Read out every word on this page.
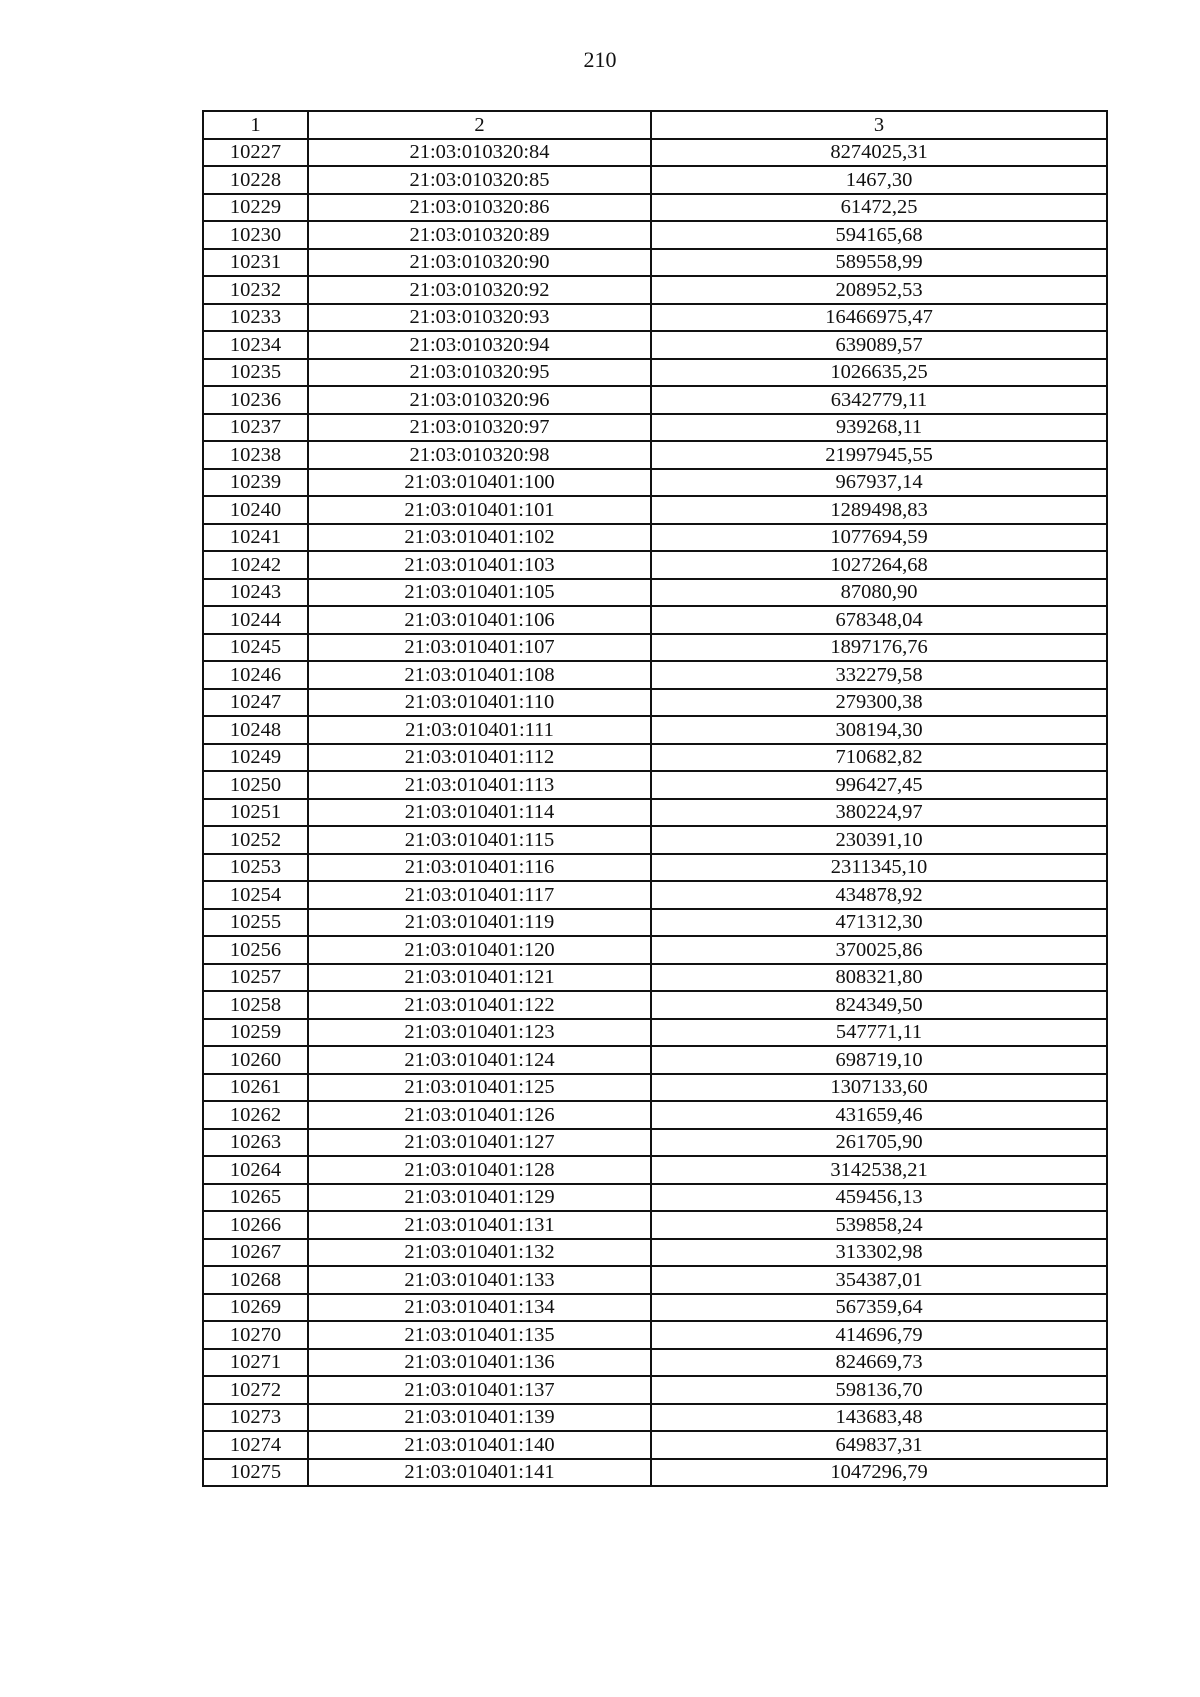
210
1	2	3
10227	21:03:010320:84	8274025,31
10228	21:03:010320:85	1467,30
10229	21:03:010320:86	61472,25
10230	21:03:010320:89	594165,68
10231	21:03:010320:90	589558,99
10232	21:03:010320:92	208952,53
10233	21:03:010320:93	16466975,47
10234	21:03:010320:94	639089,57
10235	21:03:010320:95	1026635,25
10236	21:03:010320:96	6342779,11
10237	21:03:010320:97	939268,11
10238	21:03:010320:98	21997945,55
10239	21:03:010401:100	967937,14
10240	21:03:010401:101	1289498,83
10241	21:03:010401:102	1077694,59
10242	21:03:010401:103	1027264,68
10243	21:03:010401:105	87080,90
10244	21:03:010401:106	678348,04
10245	21:03:010401:107	1897176,76
10246	21:03:010401:108	332279,58
10247	21:03:010401:110	279300,38
10248	21:03:010401:111	308194,30
10249	21:03:010401:112	710682,82
10250	21:03:010401:113	996427,45
10251	21:03:010401:114	380224,97
10252	21:03:010401:115	230391,10
10253	21:03:010401:116	2311345,10
10254	21:03:010401:117	434878,92
10255	21:03:010401:119	471312,30
10256	21:03:010401:120	370025,86
10257	21:03:010401:121	808321,80
10258	21:03:010401:122	824349,50
10259	21:03:010401:123	547771,11
10260	21:03:010401:124	698719,10
10261	21:03:010401:125	1307133,60
10262	21:03:010401:126	431659,46
10263	21:03:010401:127	261705,90
10264	21:03:010401:128	3142538,21
10265	21:03:010401:129	459456,13
10266	21:03:010401:131	539858,24
10267	21:03:010401:132	313302,98
10268	21:03:010401:133	354387,01
10269	21:03:010401:134	567359,64
10270	21:03:010401:135	414696,79
10271	21:03:010401:136	824669,73
10272	21:03:010401:137	598136,70
10273	21:03:010401:139	143683,48
10274	21:03:010401:140	649837,31
10275	21:03:010401:141	1047296,79
